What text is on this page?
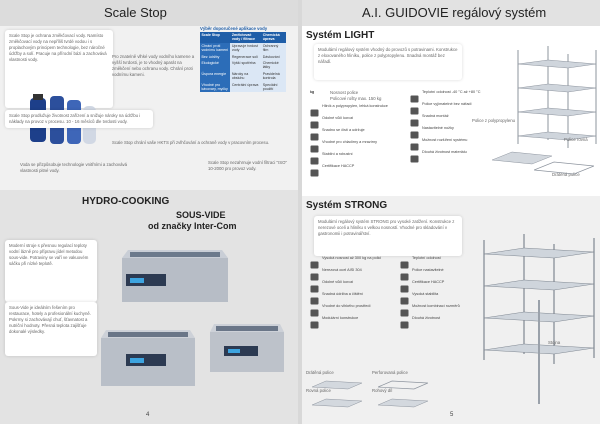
Scale Stop
Scale Stop je ochrana změkčovací vody. Namísto změkčovací vody na nepříliš tvrdé vodou i s proplachovým principem technologie, bez náročné údržby a solí. Pracuje na přírodní bázi a zachovává vlastnosti vody.
Pro znatelně vlhké vody vodního kamene a vyšší tvrdosti, je to vhodný aparát na změkčení nebo ochranu vody. Chrání proti vodnímu kameni.
Výběr doporučené aplikace vody
Scale Stop	Změkčovač vody / filtrace	Chemická úprava
Chrání proti vodnímu kameni	Upravuje tvrdost vody	Ochranný film
Bez údržby	Regenerace solí	Dávkování
Ekologické	Vyšší spotřeba	Chemické látky
Úspora energie	Nároky na obsluhu	Pravidelná kontrola
Vhodné pro kávovary, myčky	Centrální úprava	Speciální použití
Scale Stop chrání vaše HKTS při zvlhčování a ochraně vody v pracovním procesu.
Scale Stop prodlužuje životnost zařízení a snižuje nároky na údržbu i náklady na provoz v procesu. 10 - 16 měsíců dle tvrdosti vody.
Voda se přizpůsobuje technologie vnitřními a zachovává vlastnosti pitné vody.
Scale Stop nezahrnuje vodní filtraci "ISO" 10-2000 pro provoz vody.
HYDRO-COOKING
SOUS-VIDE
od značky Inter-Com
Moderní stroje s přesnou regulací teploty vodní lázně pro přípravu jídel metodou sous-vide. Potraviny se vaří ve vakuovém sáčku při nízké teplotě.
Sous-Vide je ideálním řešením pro restaurace, hotely a profesionální kuchyně. Pokrmy si zachovávají chuť, šťavnatost a nutriční hodnoty. Přesná teplota zajišťuje dokonalé výsledky.
4
A.I. GUIDOVIE regálový systém
Systém LIGHT
Modulární regálový systém vhodný do provozů s potravinami. Konstrukce z eloxovaného hliníku, police z polypropylenu. Snadná montáž bez nářadí.
Nosnost police
Policové rošty max. 150 kg
kg
Hliník a polypropylen, lehká konstrukce
Odolné vůči korozi
Snadno se čistí a udržuje
Vhodné pro chladírny a mrazírny
Stabilní a robustní
Certifikace HACCP
Teplotní odolnost -40 °C až +80 °C
Police vyjímatelné bez nářadí
Snadná montáž
Nastavitelné nožky
Možnost rozšíření systému
Dlouhá životnost materiálu
Police z polypropylenu
Police rovná
Drátěná police
Systém STRONG
Modulární regálový systém STRONG pro vysoké zatížení. Konstrukce z nerezové oceli a hliníku s velkou nosností. Vhodné pro skladování v gastronomii i potravinářství.
Vysoká nosnost až 300 kg na polici
Nerezová ocel AISI 304
Odolné vůči korozi
Snadná údržba a čištění
Vhodné do vlhkého prostředí
Modulární konstrukce
Teplotní odolnost
Police nastavitelné
Certifikace HACCP
Vysoká stabilita
Možnost kombinací rozměrů
Dlouhá životnost
Drátěná police	Perforovaná police
Rovná police	Rohový díl
Stojna
5
